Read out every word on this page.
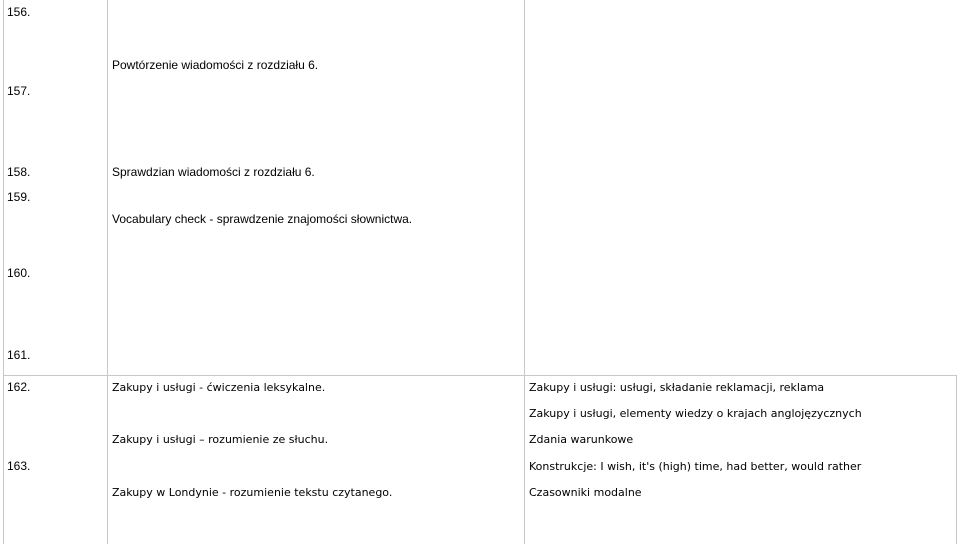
156.
157.
158.
159.
160.
161.
162.
163.
Powtórzenie wiadomości z rozdziału 6.
Sprawdzian wiadomości z rozdziału 6.
Vocabulary check - sprawdzenie znajomości słownictwa.
Zakupy i usługi - ćwiczenia leksykalne.
Zakupy i usługi – rozumienie ze słuchu.
Zakupy w Londynie - rozumienie tekstu czytanego.
Zakupy i usługi: usługi, składanie reklamacji, reklama
Zakupy i usługi, elementy wiedzy o krajach anglojęzycznych
Zdania warunkowe
Konstrukcje: I wish, it's (high) time, had better, would rather
Czasowniki modalne
